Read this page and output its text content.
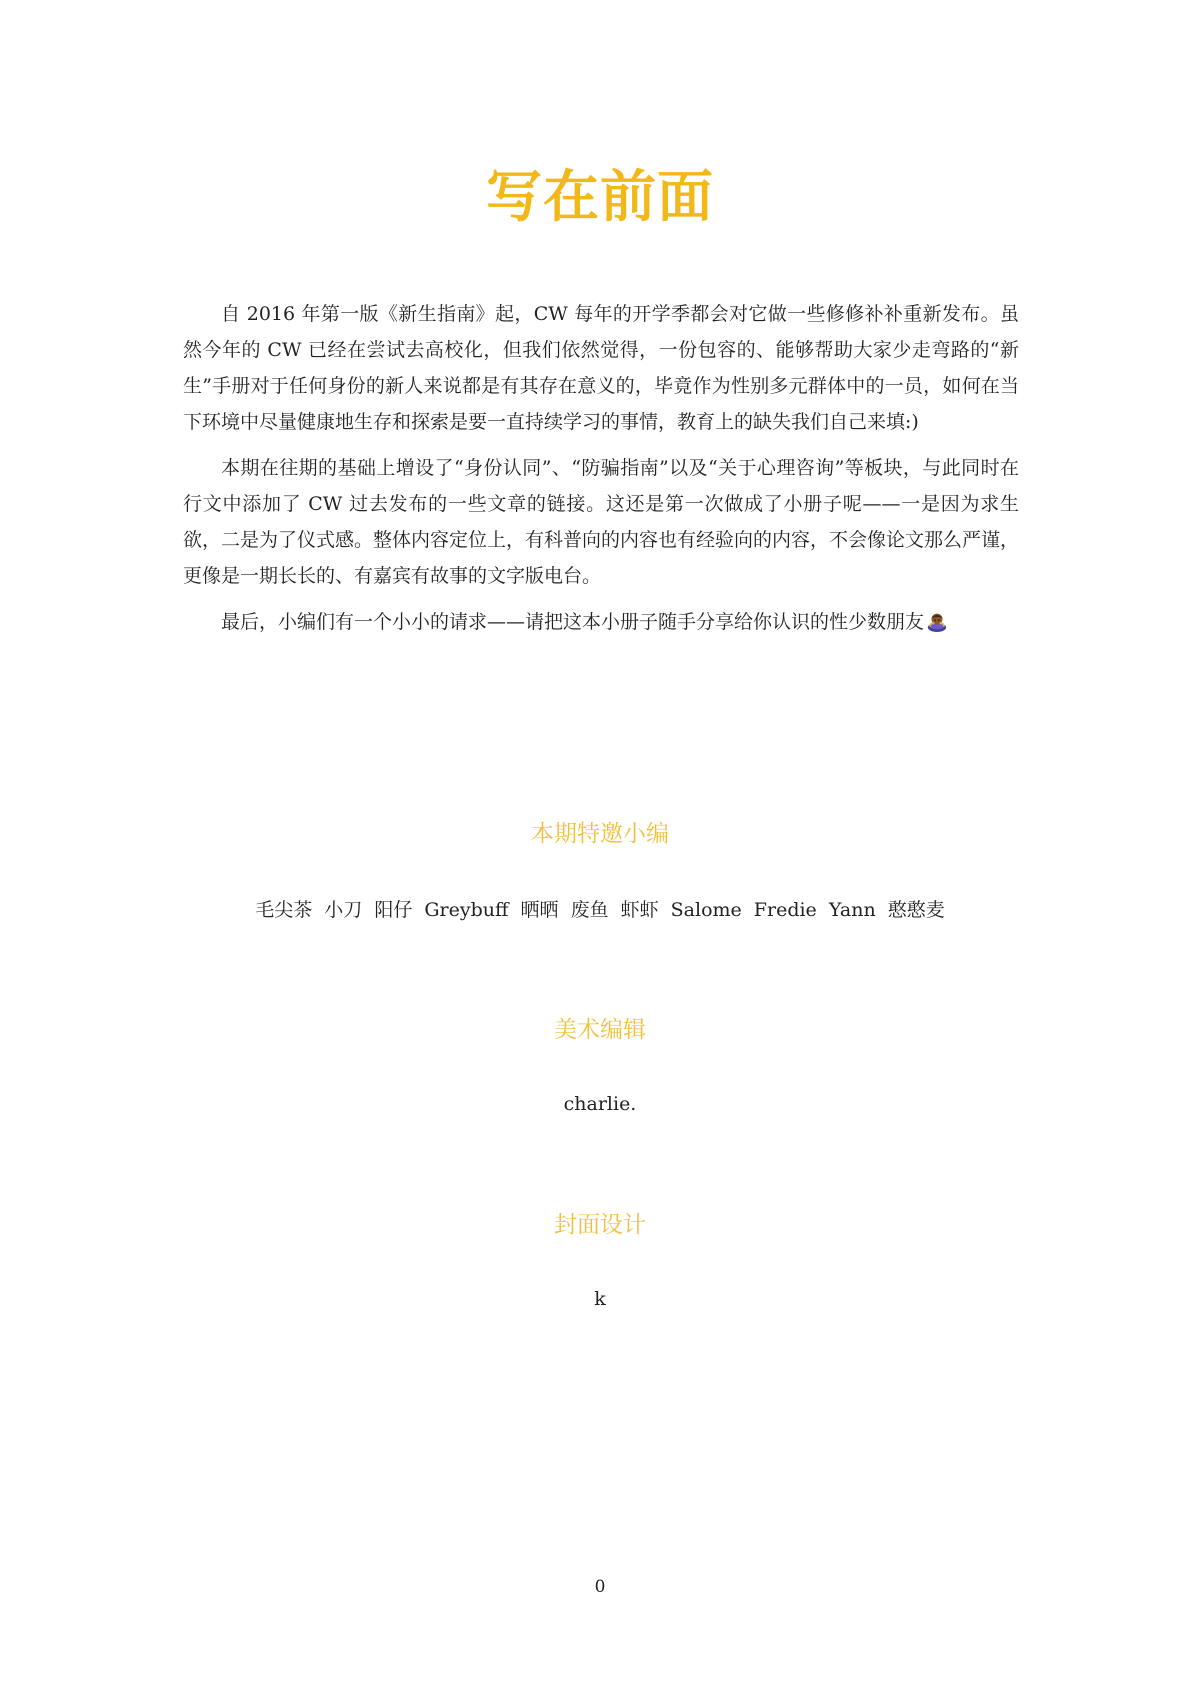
写在前面

自 2016 年第一版《新生指南》起，CW 每年的开学季都会对它做一些修修补补重新发布。虽然今年的 CW 已经在尝试去高校化，但我们依然觉得，一份包容的、能够帮助大家少走弯路的“新生”手册对于任何身份的新人来说都是有其存在意义的，毕竟作为性别多元群体中的一员，如何在当下环境中尽量健康地生存和探索是要一直持续学习的事情，教育上的缺失我们自己来填:)

本期在往期的基础上增设了“身份认同”、“防骗指南”以及“关于心理咨询”等板块，与此同时在行文中添加了 CW 过去发布的一些文章的链接。这还是第一次做成了小册子呢——一是因为求生欲，二是为了仪式感。整体内容定位上，有科普向的内容也有经验向的内容，不会像论文那么严谨，更像是一期长长的、有嘉宾有故事的文字版电台。

最后，小编们有一个小小的请求——请把这本小册子随手分享给你认识的性少数朋友

本期特邀小编

毛尖茶 小刀 阳仔 Greybuff 晒晒 废鱼 虾虾 Salome Fredie Yann 憨憨麦

美术编辑

charlie.

封面设计

k

0
